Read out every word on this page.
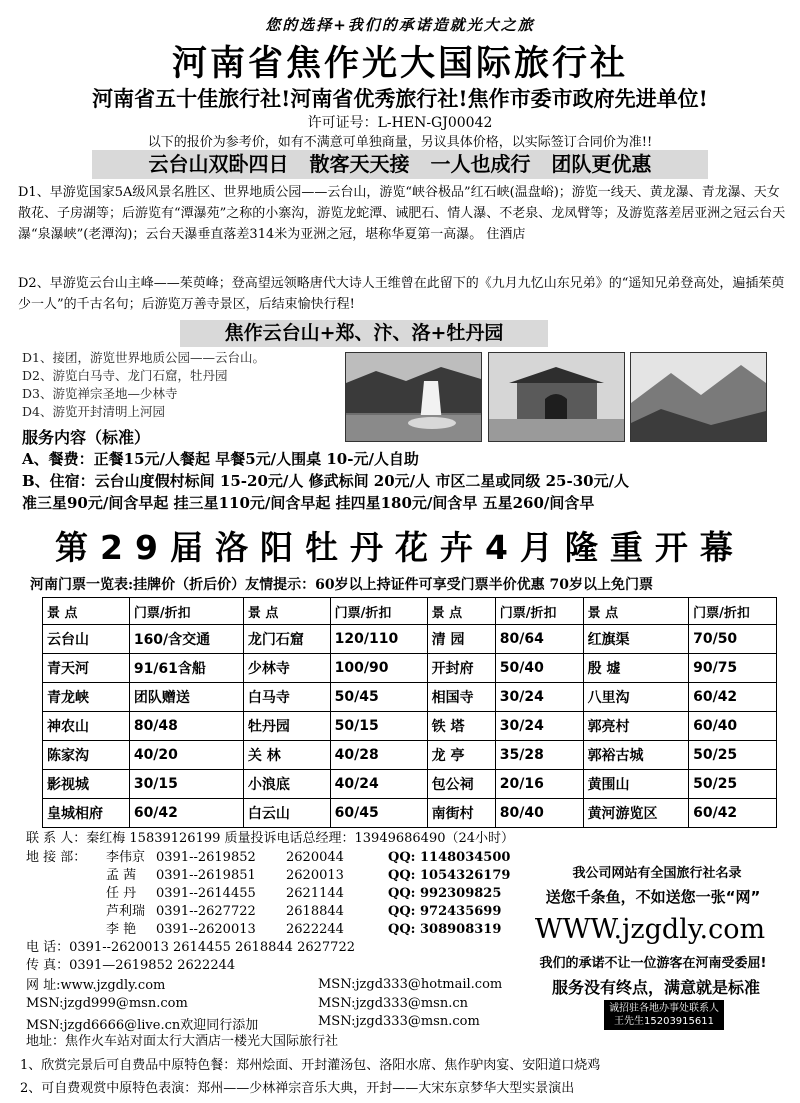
您的选择+我们的承诺造就光大之旅
河南省焦作光大国际旅行社
河南省五十佳旅行社!河南省优秀旅行社!焦作市委市政府先进单位!
许可证号：L-HEN-GJ00042
以下的报价为参考价，如有不满意可单独商量，另议具体价格，以实际签订合同价为准!!
云台山双卧四日 散客天天接 一人也成行 团队更优惠
D1、早游览国家5A级风景名胜区、世界地质公园——云台山，游览“峡谷极品”红石峡(温盘峪)；游览一线天、黄龙瀑、青龙瀑、天女散花、子房湖等；后游览有“潭瀑苑”之称的小寨沟，游览龙蛇潭、诫肥石、情人瀑、不老泉、龙凤臂等；及游览落差居亚洲之冠云台天瀑“泉瀑峡”(老潭沟)；云台天瀑垂直落差314米为亚洲之冠，堪称华夏第一高瀑。 住酒店
D2、早游览云台山主峰——茱萸峰；登高望远领略唐代大诗人王维曾在此留下的《九月九忆山东兄弟》的“遥知兄弟登高处，遍插茱萸少一人”的千古名句；后游览万善寺景区，后结束愉快行程!
焦作云台山+郑、汴、洛+牡丹园
D1、接团，游览世界地质公园——云台山。
D2、游览白马寺、龙门石窟，牡丹园
D3、游览禅宗圣地—少林寺
D4、游览开封清明上河园
服务内容（标准）
A、餐费：正餐15元/人餐起 早餐5元/人围桌 10-元/人自助
B、住宿：云台山度假村标间 15-20元/人 修武标间 20元/人 市区二星或同级 25-30元/人
准三星90元/间含早起 挂三星110元/间含早起 挂四星180元/间含早 五星260/间含早
第29届洛阳牡丹花卉4月隆重开幕
河南门票一览表:挂牌价（折后价）友情提示：60岁以上持证件可享受门票半价优惠 70岁以上免门票
景 点	门票/折扣	景 点	门票/折扣	景 点	门票/折扣	景 点	门票/折扣
云台山	160/含交通	龙门石窟	120/110	清 园	80/64	红旗渠	70/50
青天河	91/61含船	少林寺	100/90	开封府	50/40	殷 墟	90/75
青龙峡	团队赠送	白马寺	50/45	相国寺	30/24	八里沟	60/42
神农山	80/48	牡丹园	50/15	铁 塔	30/24	郭亮村	60/40
陈家沟	40/20	关 林	40/28	龙 亭	35/28	郭裕古城	50/25
影视城	30/15	小浪底	40/24	包公祠	20/16	黄围山	50/25
皇城相府	60/42	白云山	60/45	南街村	80/40	黄河游览区	60/42
联 系 人：秦红梅 15839126199 质量投诉电话总经理：13949686490（24小时）
地 接 部： 李伟京 0391--2619852 2620044	QQ: 1148034500
孟 茜 0391--2619851 2620013	QQ: 1054326179
任 丹 0391--2614455 2621144	QQ: 992309825
芦利瑞 0391--2627722 2618844	QQ: 972435699
李 艳 0391--2620013 2622244	QQ: 308908319
电 话：0391--2620013 2614455 2618844 2627722
传 真：0391—2619852 2622244
网 址:www.jzgdly.com	MSN:jzgd333@hotmail.com
MSN:jzgd999@msn.com	MSN:jzgd333@msn.cn
MSN:jzgd6666@live.cn欢迎同行添加	MSN:jzgd333@msn.com
地址：焦作火车站对面太行大酒店一楼光大国际旅行社
我公司网站有全国旅行社名录
送您千条鱼，不如送您一张“网”
WWW.jzgdly.com
我们的承诺不让一位游客在河南受委屈!
服务没有终点，满意就是标准
诚招驻各地办事处联系人
王先生15203915611
1、欣赏完景后可自费品中原特色餐：郑州烩面、开封灌汤包、洛阳水席、焦作驴肉宴、安阳道口烧鸡
2、可自费观赏中原特色表演：郑州——少林禅宗音乐大典，开封——大宋东京梦华大型实景演出
